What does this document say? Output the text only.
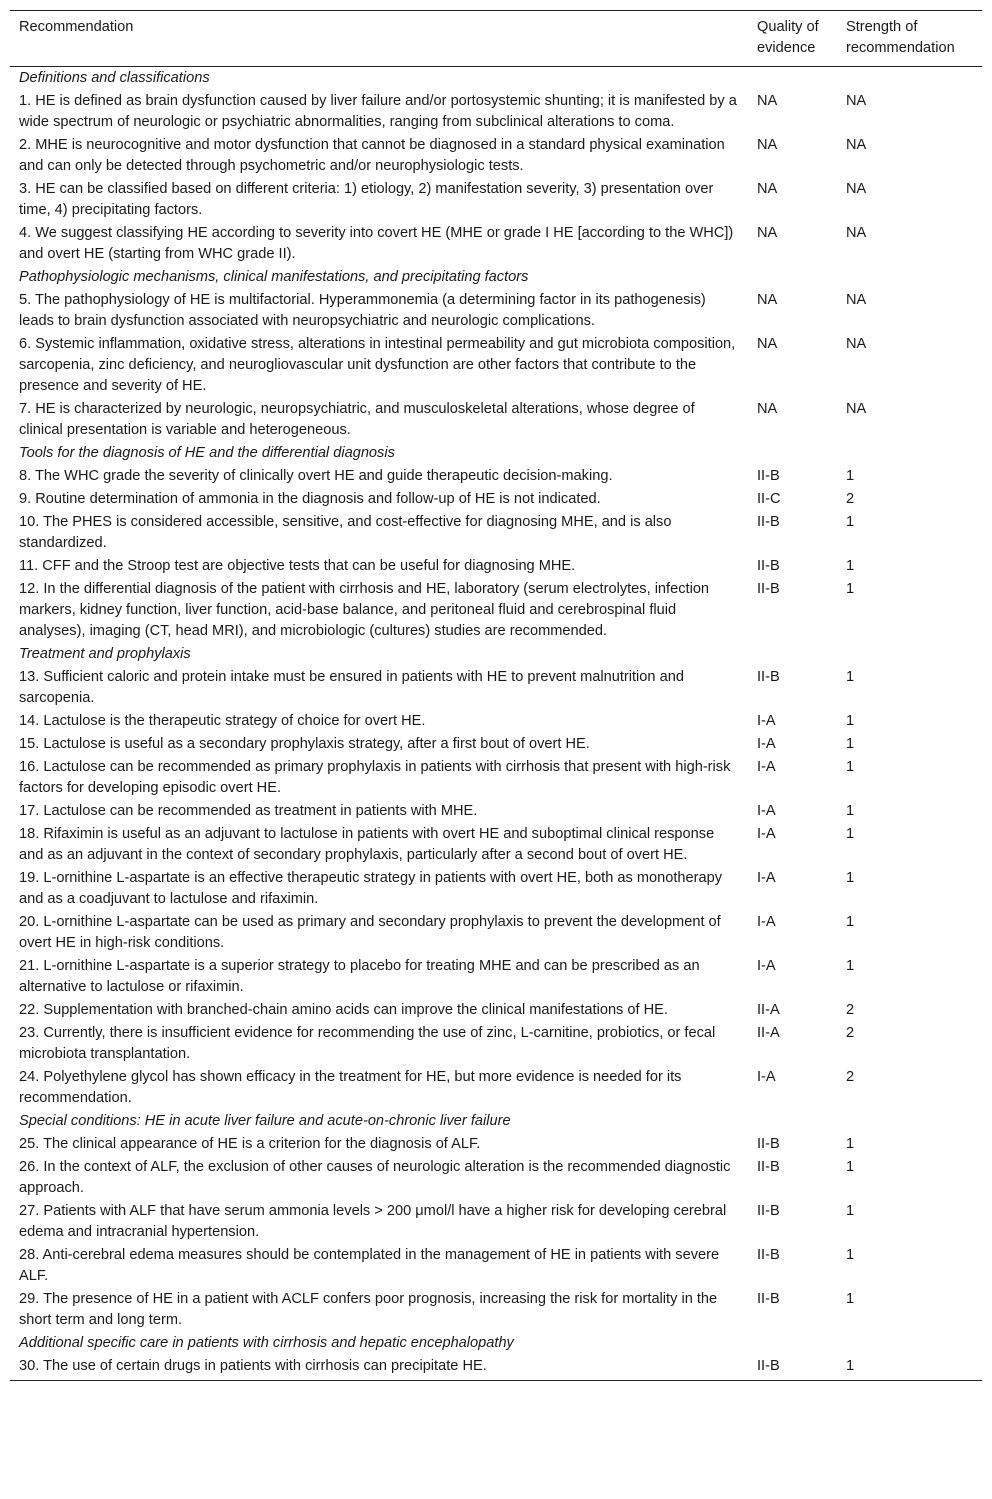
Recommendation	Quality of evidence	Strength of recommendation
Definitions and classifications		
1. HE is defined as brain dysfunction caused by liver failure and/or portosystemic shunting; it is manifested by a wide spectrum of neurologic or psychiatric abnormalities, ranging from subclinical alterations to coma.	NA	NA
2. MHE is neurocognitive and motor dysfunction that cannot be diagnosed in a standard physical examination and can only be detected through psychometric and/or neurophysiologic tests.	NA	NA
3. HE can be classified based on different criteria: 1) etiology, 2) manifestation severity, 3) presentation over time, 4) precipitating factors.	NA	NA
4. We suggest classifying HE according to severity into covert HE (MHE or grade I HE [according to the WHC]) and overt HE (starting from WHC grade II).	NA	NA
Pathophysiologic mechanisms, clinical manifestations, and precipitating factors		
5. The pathophysiology of HE is multifactorial. Hyperammonemia (a determining factor in its pathogenesis) leads to brain dysfunction associated with neuropsychiatric and neurologic complications.	NA	NA
6. Systemic inflammation, oxidative stress, alterations in intestinal permeability and gut microbiota composition, sarcopenia, zinc deficiency, and neurogliovascular unit dysfunction are other factors that contribute to the presence and severity of HE.	NA	NA
7. HE is characterized by neurologic, neuropsychiatric, and musculoskeletal alterations, whose degree of clinical presentation is variable and heterogeneous.	NA	NA
Tools for the diagnosis of HE and the differential diagnosis		
8. The WHC grade the severity of clinically overt HE and guide therapeutic decision-making.	II-B	1
9. Routine determination of ammonia in the diagnosis and follow-up of HE is not indicated.	II-C	2
10. The PHES is considered accessible, sensitive, and cost-effective for diagnosing MHE, and is also standardized.	II-B	1
11. CFF and the Stroop test are objective tests that can be useful for diagnosing MHE.	II-B	1
12. In the differential diagnosis of the patient with cirrhosis and HE, laboratory (serum electrolytes, infection markers, kidney function, liver function, acid-base balance, and peritoneal fluid and cerebrospinal fluid analyses), imaging (CT, head MRI), and microbiologic (cultures) studies are recommended.	II-B	1
Treatment and prophylaxis		
13. Sufficient caloric and protein intake must be ensured in patients with HE to prevent malnutrition and sarcopenia.	II-B	1
14. Lactulose is the therapeutic strategy of choice for overt HE.	I-A	1
15. Lactulose is useful as a secondary prophylaxis strategy, after a first bout of overt HE.	I-A	1
16. Lactulose can be recommended as primary prophylaxis in patients with cirrhosis that present with high-risk factors for developing episodic overt HE.	I-A	1
17. Lactulose can be recommended as treatment in patients with MHE.	I-A	1
18. Rifaximin is useful as an adjuvant to lactulose in patients with overt HE and suboptimal clinical response and as an adjuvant in the context of secondary prophylaxis, particularly after a second bout of overt HE.	I-A	1
19. L-ornithine L-aspartate is an effective therapeutic strategy in patients with overt HE, both as monotherapy and as a coadjuvant to lactulose and rifaximin.	I-A	1
20. L-ornithine L-aspartate can be used as primary and secondary prophylaxis to prevent the development of overt HE in high-risk conditions.	I-A	1
21. L-ornithine L-aspartate is a superior strategy to placebo for treating MHE and can be prescribed as an alternative to lactulose or rifaximin.	I-A	1
22. Supplementation with branched-chain amino acids can improve the clinical manifestations of HE.	II-A	2
23. Currently, there is insufficient evidence for recommending the use of zinc, L-carnitine, probiotics, or fecal microbiota transplantation.	II-A	2
24. Polyethylene glycol has shown efficacy in the treatment for HE, but more evidence is needed for its recommendation.	I-A	2
Special conditions: HE in acute liver failure and acute-on-chronic liver failure		
25. The clinical appearance of HE is a criterion for the diagnosis of ALF.	II-B	1
26. In the context of ALF, the exclusion of other causes of neurologic alteration is the recommended diagnostic approach.	II-B	1
27. Patients with ALF that have serum ammonia levels > 200 μmol/l have a higher risk for developing cerebral edema and intracranial hypertension.	II-B	1
28. Anti-cerebral edema measures should be contemplated in the management of HE in patients with severe ALF.	II-B	1
29. The presence of HE in a patient with ACLF confers poor prognosis, increasing the risk for mortality in the short term and long term.	II-B	1
Additional specific care in patients with cirrhosis and hepatic encephalopathy		
30. The use of certain drugs in patients with cirrhosis can precipitate HE.	II-B	1
